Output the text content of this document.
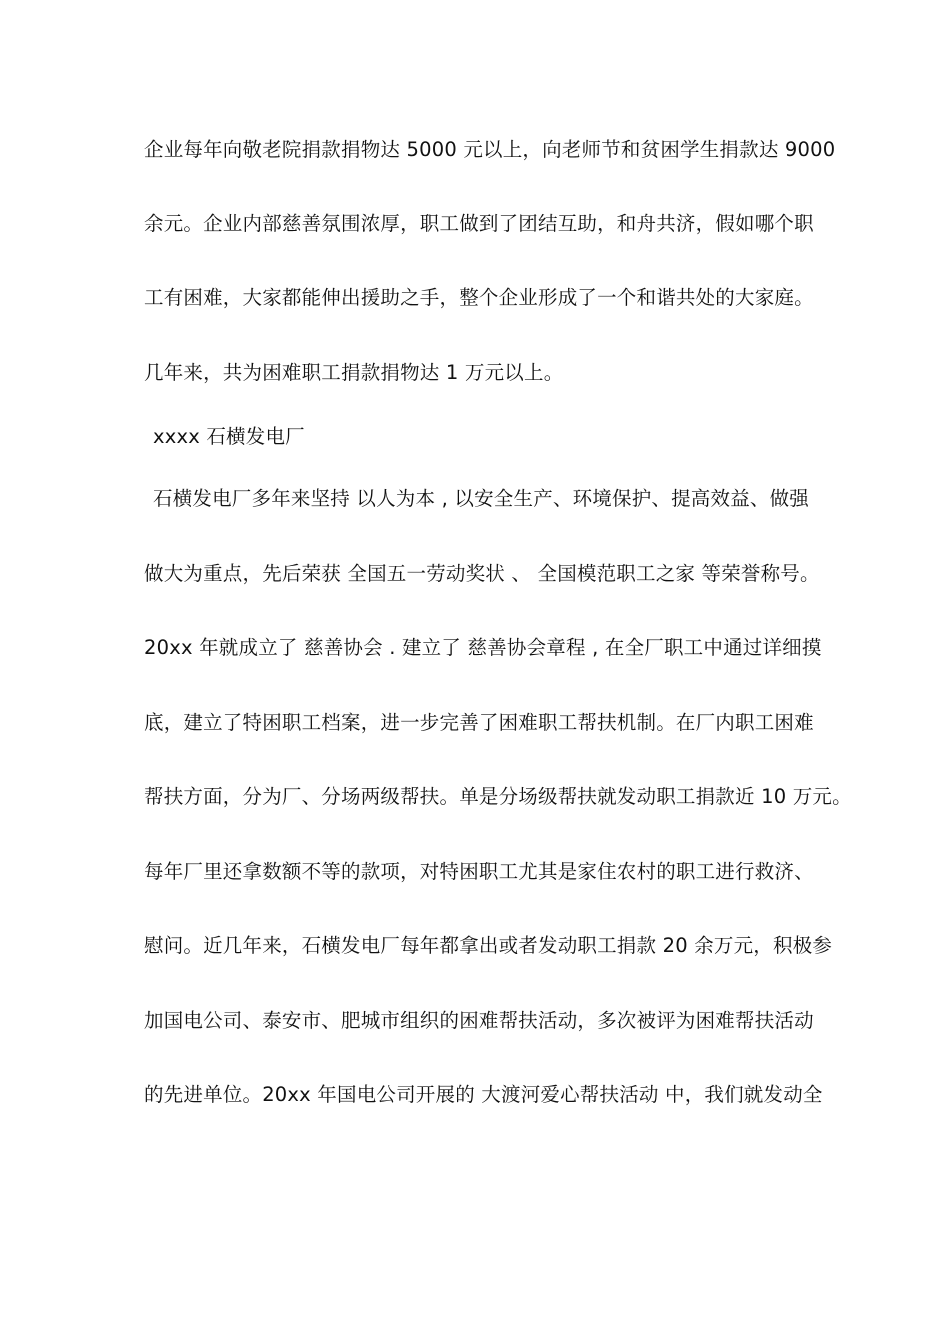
企业每年向敬老院捐款捐物达 5000 元以上，向老师节和贫困学生捐款达 9000
余元。企业内部慈善氛围浓厚，职工做到了团结互助，和舟共济，假如哪个职
工有困难，大家都能伸出援助之手，整个企业形成了一个和谐共处的大家庭。
几年来，共为困难职工捐款捐物达 1 万元以上。
xxxx 石横发电厂
石横发电厂多年来坚持 以人为本 , 以安全生产、环境保护、提高效益、做强
做大为重点，先后荣获 全国五一劳动奖状 、 全国模范职工之家 等荣誉称号。
20xx 年就成立了 慈善协会 . 建立了 慈善协会章程 , 在全厂职工中通过详细摸
底，建立了特困职工档案，进一步完善了困难职工帮扶机制。在厂内职工困难
帮扶方面，分为厂、分场两级帮扶。单是分场级帮扶就发动职工捐款近 10 万元。
每年厂里还拿数额不等的款项，对特困职工尤其是家住农村的职工进行救济、
慰问。近几年来，石横发电厂每年都拿出或者发动职工捐款 20 余万元，积极参
加国电公司、泰安市、肥城市组织的困难帮扶活动，多次被评为困难帮扶活动
的先进单位。20xx 年国电公司开展的 大渡河爱心帮扶活动 中，我们就发动全
